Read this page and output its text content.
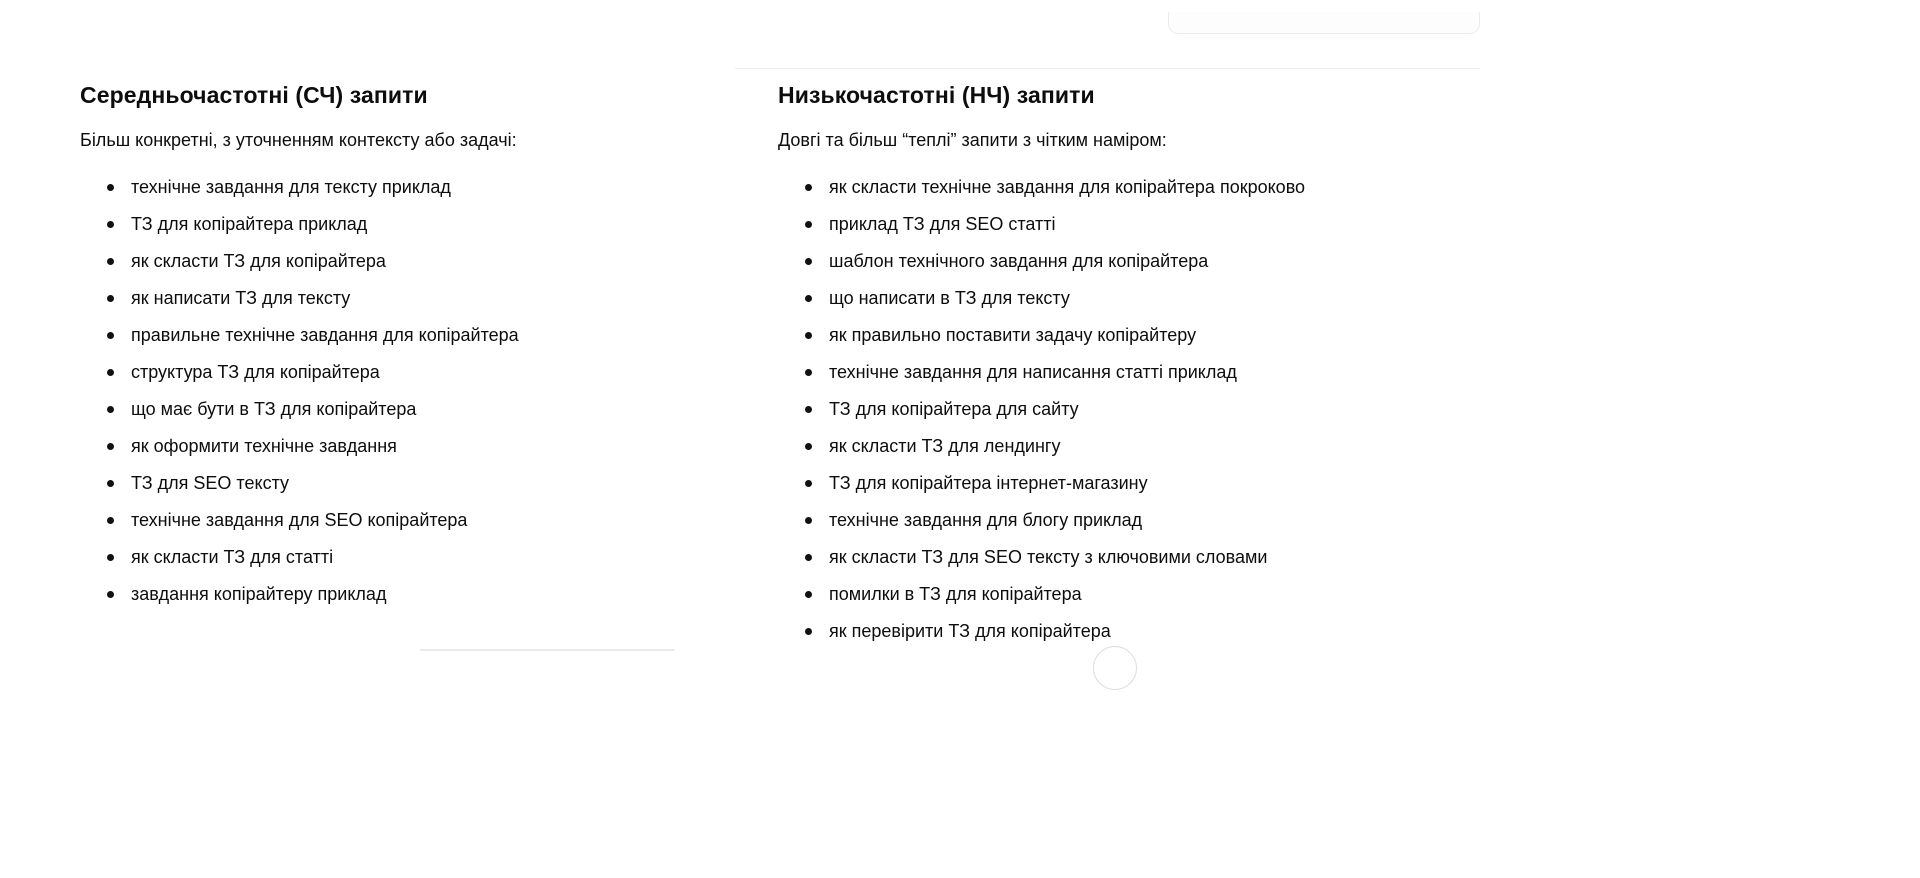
Середньочастотні (СЧ) запити

Більш конкретні, з уточненням контексту або задачі:

технічне завдання для тексту приклад
ТЗ для копірайтера приклад
як скласти ТЗ для копірайтера
як написати ТЗ для тексту
правильне технічне завдання для копірайтера
структура ТЗ для копірайтера
що має бути в ТЗ для копірайтера
як оформити технічне завдання
ТЗ для SEO тексту
технічне завдання для SEO копірайтера
як скласти ТЗ для статті
завдання копірайтеру приклад
Низькочастотні (НЧ) запити

Довгі та більш “теплі” запити з чітким наміром:

як скласти технічне завдання для копірайтера покроково
приклад ТЗ для SEO статті
шаблон технічного завдання для копірайтера
що написати в ТЗ для тексту
як правильно поставити задачу копірайтеру
технічне завдання для написання статті приклад
ТЗ для копірайтера для сайту
як скласти ТЗ для лендингу
ТЗ для копірайтера інтернет-магазину
технічне завдання для блогу приклад
як скласти ТЗ для SEO тексту з ключовими словами
помилки в ТЗ для копірайтера
як перевірити ТЗ для копірайтера
